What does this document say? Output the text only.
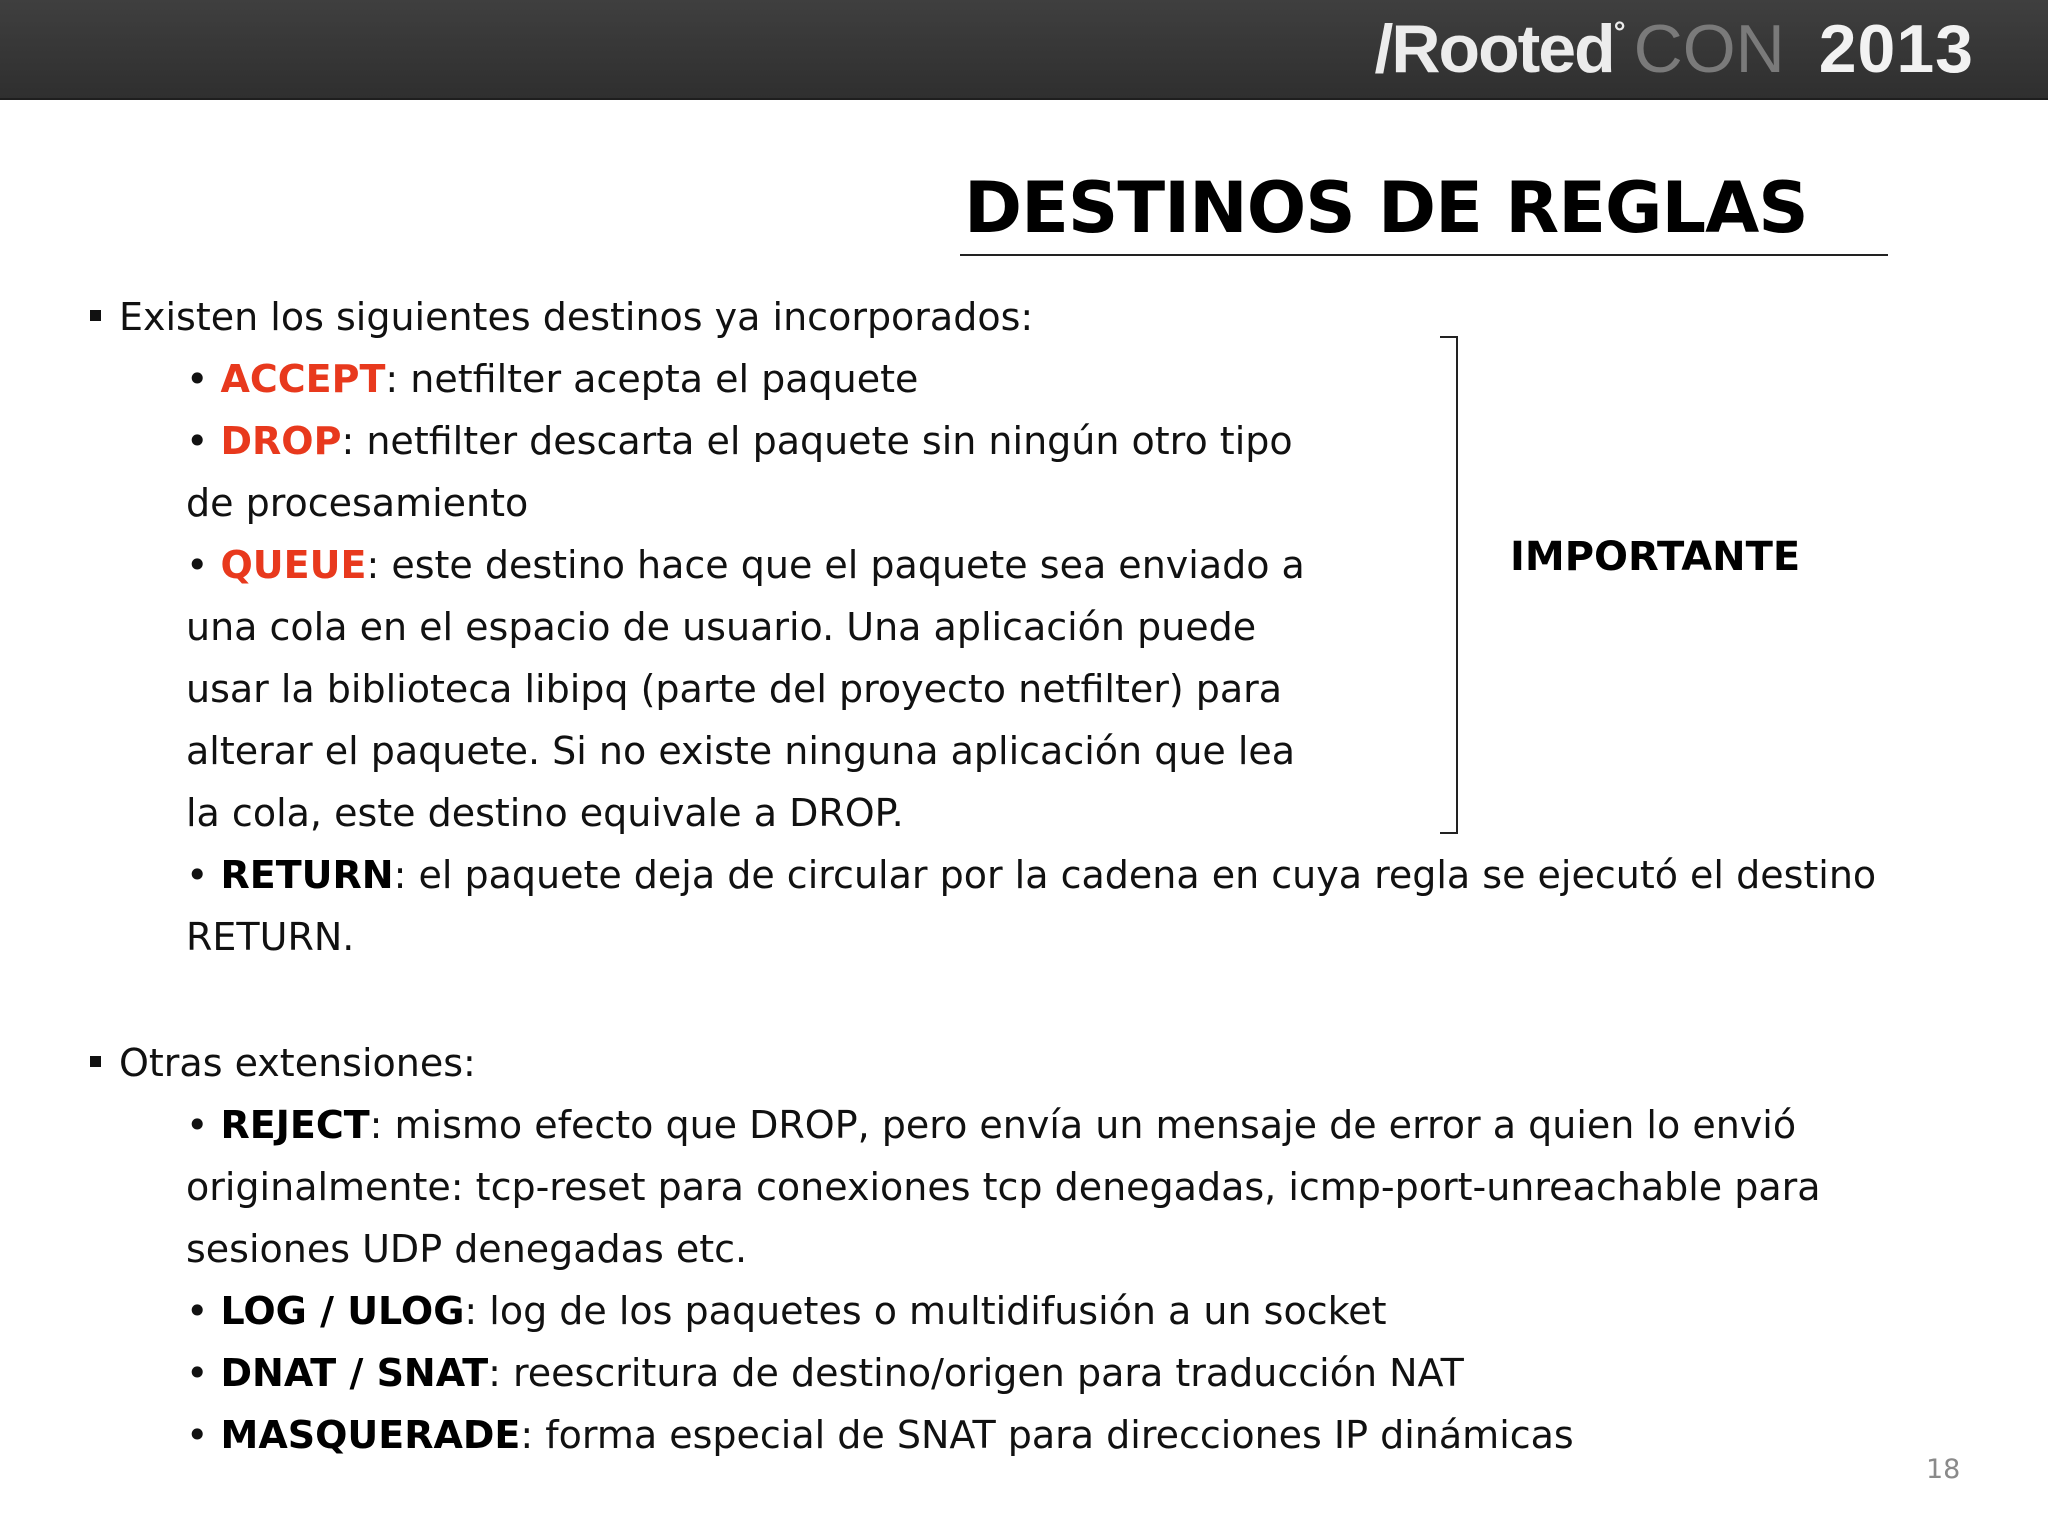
/Rooted ° CON 2013
DESTINOS DE REGLAS
Existen los siguientes destinos ya incorporados:
• ACCEPT: netfilter acepta el paquete
• DROP: netfilter descarta el paquete sin ningún otro tipo
de procesamiento
• QUEUE: este destino hace que el paquete sea enviado a
una cola en el espacio de usuario. Una aplicación puede
usar la biblioteca libipq (parte del proyecto netfilter) para
alterar el paquete. Si no existe ninguna aplicación que lea
la cola, este destino equivale a DROP.
• RETURN: el paquete deja de circular por la cadena en cuya regla se ejecutó el destino
RETURN.
IMPORTANTE
Otras extensiones:
• REJECT: mismo efecto que DROP, pero envía un mensaje de error a quien lo envió
originalmente: tcp-reset para conexiones tcp denegadas, icmp-port-unreachable para
sesiones UDP denegadas etc.
• LOG / ULOG: log de los paquetes o multidifusión a un socket
• DNAT / SNAT: reescritura de destino/origen para traducción NAT
• MASQUERADE: forma especial de SNAT para direcciones IP dinámicas
18
